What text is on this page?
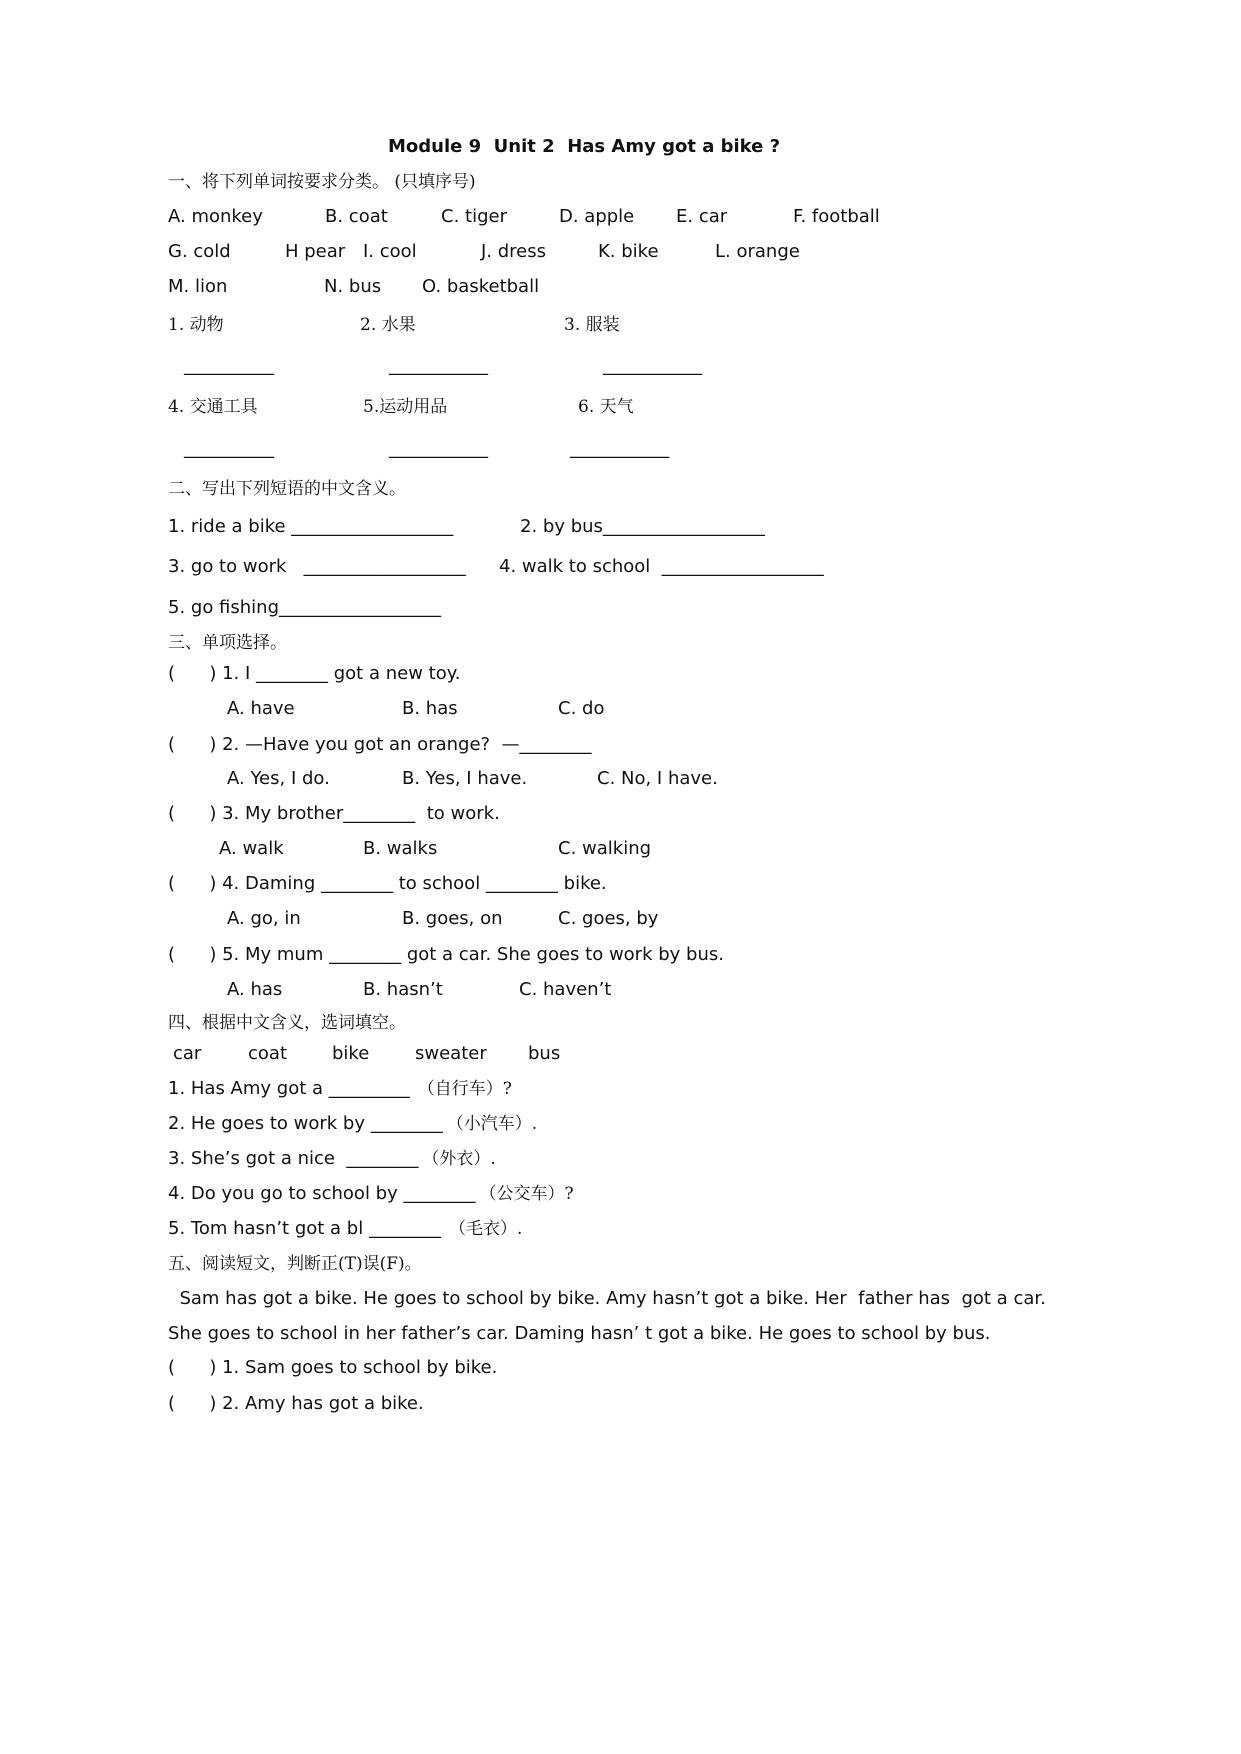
Module 9  Unit 2  Has Amy got a bike ?
一、将下列单词按要求分类。 (只填序号)
A. monkey	B. coat	C. tiger	D. apple E. car	F. football
G. cold	H pear I. cool	J. dress	K. bike	L. orange
M. lion	N. bus O. basketball
1. 动物	2. 水果	3. 服装
__________	___________	___________
4. 交通工具	5.运动用品	6. 天气
__________	___________	___________
二、写出下列短语的中文含义。
1. ride a bike __________________	2. by bus__________________
3. go to work   __________________ 4. walk to school  __________________
5. go fishing__________________
三、单项选择。
(      ) 1. I ________ got a new toy.
A. have	B. has	C. do
(      ) 2. —Have you got an orange?  —________
A. Yes, I do.	B. Yes, I have.	C. No, I have.
(      ) 3. My brother________  to work.
A. walk	B. walks	C. walking
(      ) 4. Daming ________ to school ________ bike.
A. go, in	B. goes, on	C. goes, by
(      ) 5. My mum ________ got a car. She goes to work by bus.
A. has	B. hasn’t	C. haven’t
四、根据中文含义，选词填空。
car	coat	bike	sweater bus
1. Has Amy got a _________ （自行车）?
2. He goes to work by ________ （小汽车）.
3. She’s got a nice  ________ （外衣）.
4. Do you go to school by ________ （公交车）?
5. Tom hasn’t got a bl ________ （毛衣）.
五、阅读短文，判断正(T)误(F)。
Sam has got a bike. He goes to school by bike. Amy hasn’t got a bike. Her  father has  got a car.
She goes to school in her father’s car. Daming hasn’ t got a bike. He goes to school by bus.
(      ) 1. Sam goes to school by bike.
(      ) 2. Amy has got a bike.
